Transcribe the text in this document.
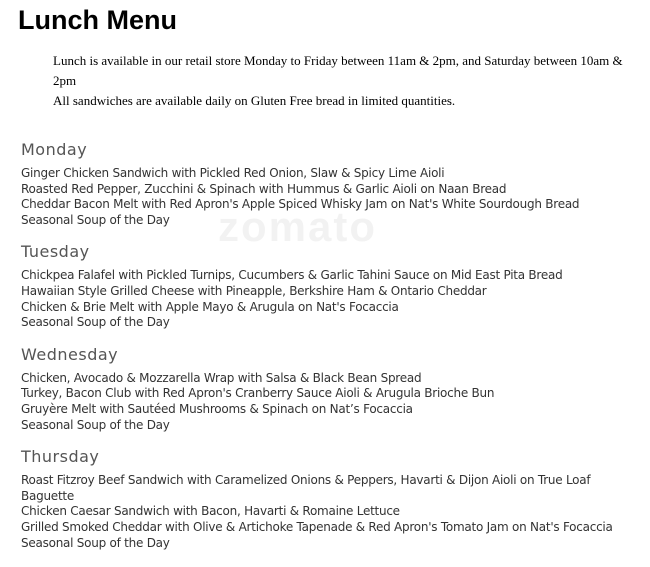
Lunch Menu

Lunch is available in our retail store Monday to Friday between 11am & 2pm, and Saturday between 10am & 2pm

All sandwiches are available daily on Gluten Free bread in limited quantities.

zomato
Monday
Ginger Chicken Sandwich with Pickled Red Onion, Slaw & Spicy Lime Aioli
Roasted Red Pepper, Zucchini & Spinach with Hummus & Garlic Aioli on Naan Bread
Cheddar Bacon Melt with Red Apron's Apple Spiced Whisky Jam on Nat's White Sourdough Bread
Seasonal Soup of the Day
Tuesday
Chickpea Falafel with Pickled Turnips, Cucumbers & Garlic Tahini Sauce on Mid East Pita Bread
Hawaiian Style Grilled Cheese with Pineapple, Berkshire Ham & Ontario Cheddar
Chicken & Brie Melt with Apple Mayo & Arugula on Nat's Focaccia
Seasonal Soup of the Day
Wednesday
Chicken, Avocado & Mozzarella Wrap with Salsa & Black Bean Spread
Turkey, Bacon Club with Red Apron's Cranberry Sauce Aioli & Arugula Brioche Bun
Gruyère Melt with Sautéed Mushrooms & Spinach on Nat’s Focaccia
Seasonal Soup of the Day
Thursday
Roast Fitzroy Beef Sandwich with Caramelized Onions & Peppers, Havarti & Dijon Aioli on True Loaf Baguette
Chicken Caesar Sandwich with Bacon, Havarti & Romaine Lettuce
Grilled Smoked Cheddar with Olive & Artichoke Tapenade & Red Apron's Tomato Jam on Nat's Focaccia
Seasonal Soup of the Day
